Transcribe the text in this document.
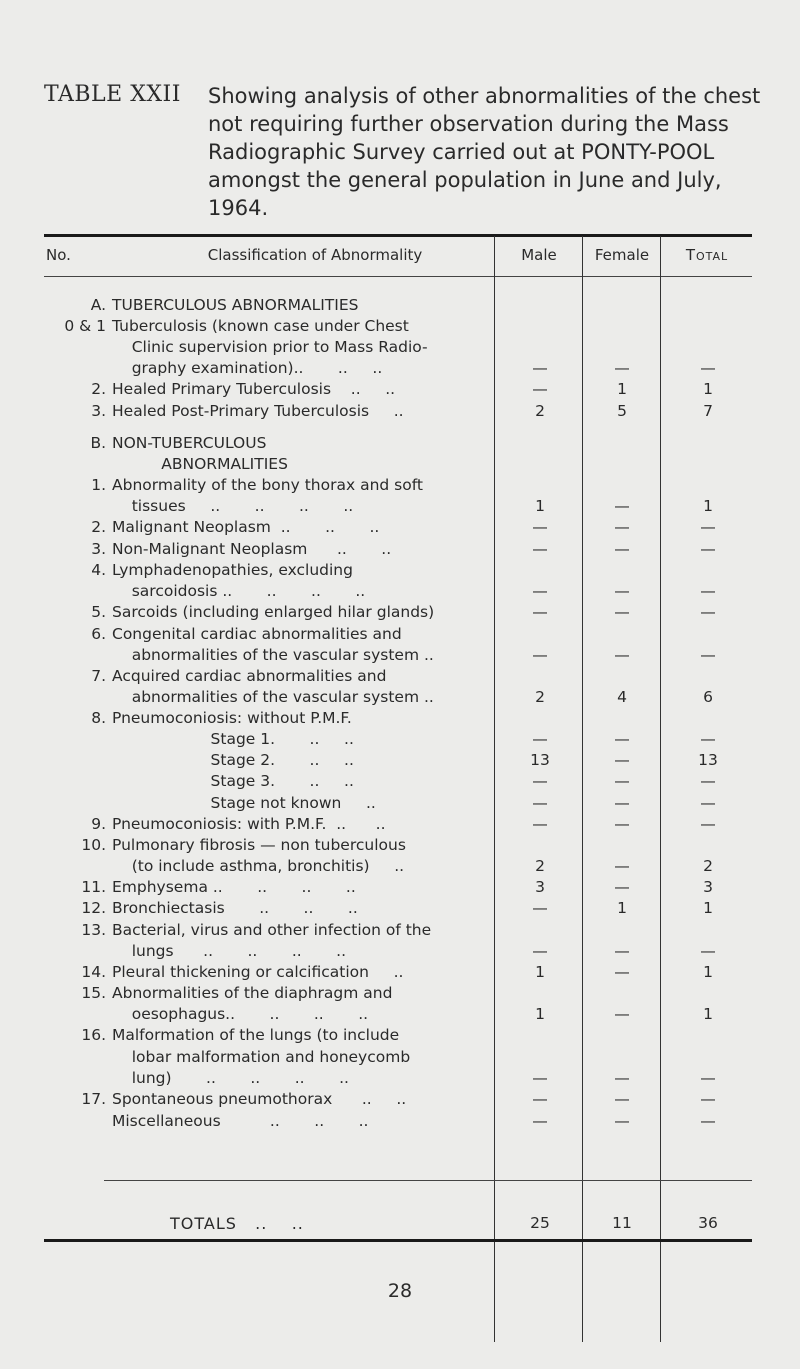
TABLE XXII Showing analysis of other abnormalities of the chest not requiring further observation during the Mass Radiographic Survey carried out at PONTY-POOL amongst the general population in June and July, 1964.
No.	Classification of Abnormality	Male	Female	Total
A. TUBERCULOUS ABNORMALITIES
0 & 1 Tuberculosis (known case under Chest
Clinic supervision prior to Mass Radio-
graphy examination)..       ..     ..	—	—	—
2. Healed Primary Tuberculosis    ..     ..	—	1	1
3. Healed Post-Primary Tuberculosis     ..	2	5	7
B. NON-TUBERCULOUS
ABNORMALITIES
1. Abnormality of the bony thorax and soft
tissues     ..       ..       ..       ..	1	—	1
2. Malignant Neoplasm  ..       ..       ..	—	—	—
3. Non-Malignant Neoplasm      ..       ..	—	—	—
4. Lymphadenopathies, excluding
sarcoidosis ..       ..       ..       ..	—	—	—
5. Sarcoids (including enlarged hilar glands)	—	—	—
6. Congenital cardiac abnormalities and
abnormalities of the vascular system ..	—	—	—
7. Acquired cardiac abnormalities and
abnormalities of the vascular system ..	2	4	6
8. Pneumoconiosis: without P.M.F.
Stage 1.       ..     ..	—	—	—
Stage 2.       ..     ..	13	—	13
Stage 3.       ..     ..	—	—	—
Stage not known     ..	—	—	—
9. Pneumoconiosis: with P.M.F.  ..      ..	—	—	—
10. Pulmonary fibrosis — non tuberculous
(to include asthma, bronchitis)     ..	2	—	2
11. Emphysema ..       ..       ..       ..	3	—	3
12. Bronchiectasis       ..       ..       ..	—	1	1
13. Bacterial, virus and other infection of the
lungs      ..       ..       ..       ..	—	—	—
14. Pleural thickening or calcification     ..	1	—	1
15. Abnormalities of the diaphragm and
oesophagus..       ..       ..       ..	1	—	1
16. Malformation of the lungs (to include
lobar malformation and honeycomb
lung)       ..       ..       ..       ..	—	—	—
17. Spontaneous pneumothorax      ..     ..	—	—	—
Miscellaneous          ..       ..       ..	—	—	—
TOTALS   ..    ..	25	11	36
28
